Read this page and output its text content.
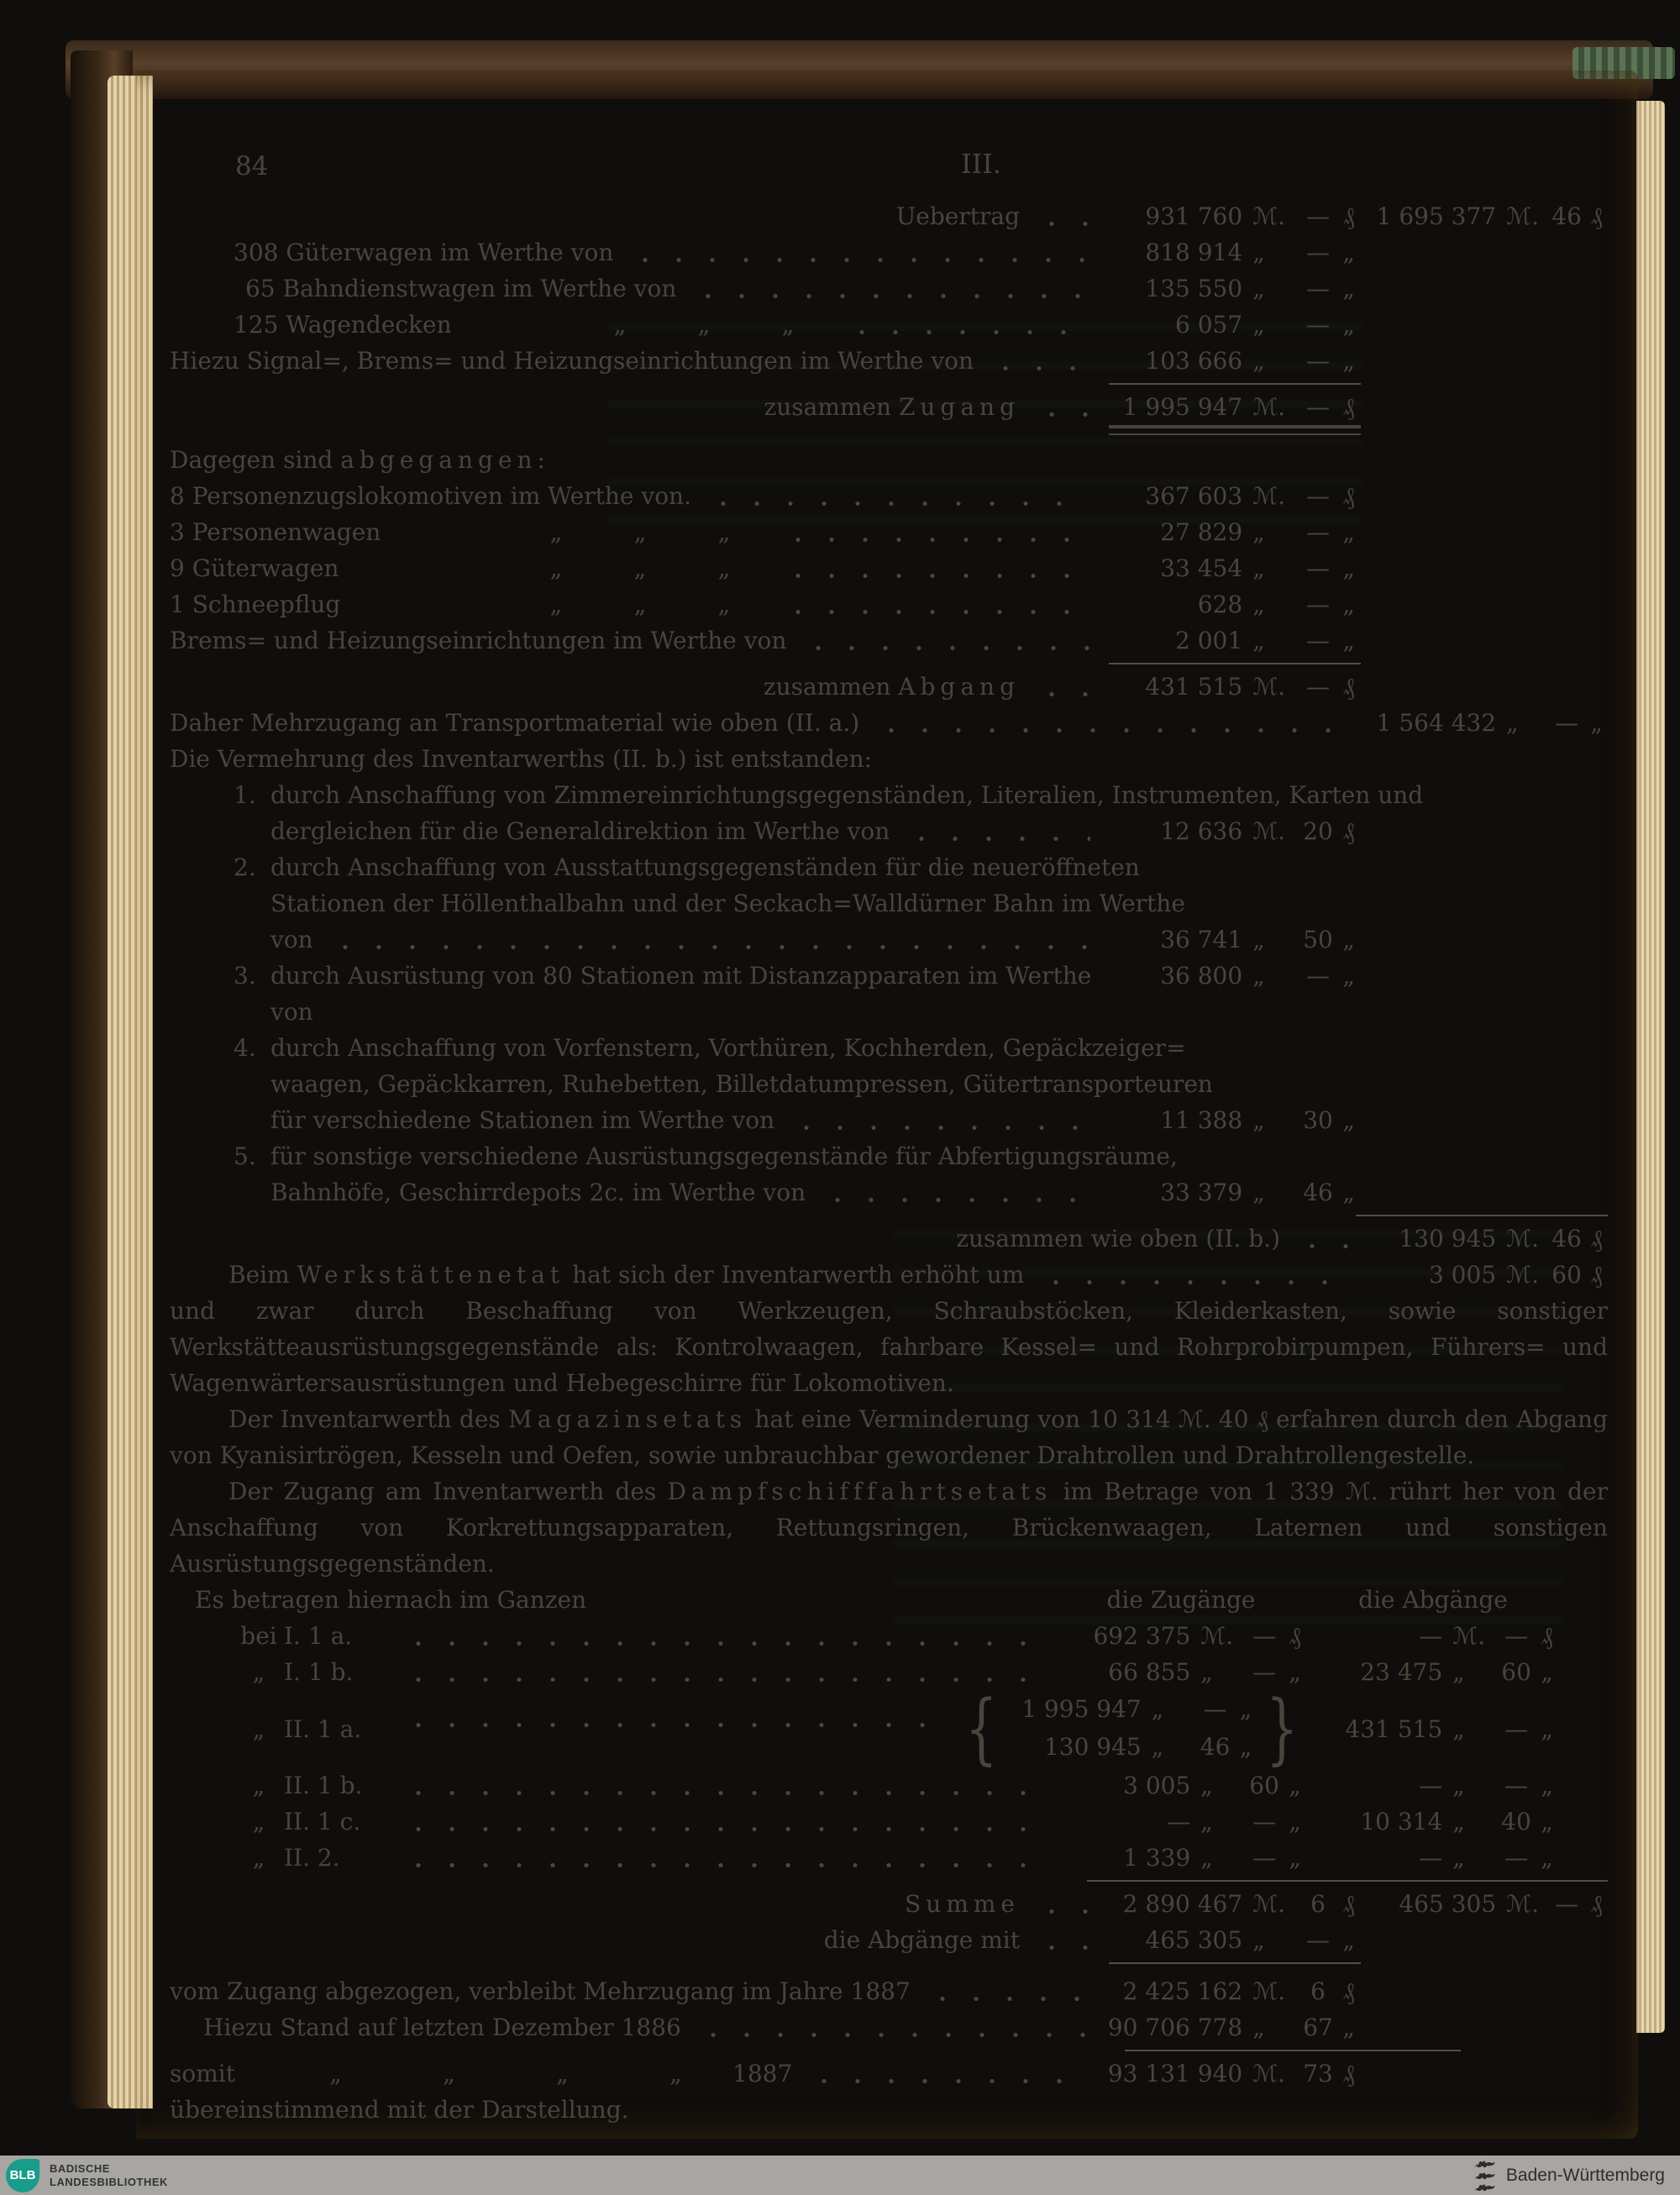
84	III.
Uebertrag	931 760 ℳ. — ₰ 1 695 377 ℳ. 46 ₰
308 Güterwagen im Werthe von	818 914 „	— „
65 Bahndienstwagen im Werthe von	135 550 „	— „
125 Wagendecken	„	„	„	6 057 „	— „
Hiezu Signal=, Brems= und Heizungseinrichtungen im Werthe von	103 666 „	— „
zusammen
Zugang	1 995 947 ℳ. — ₰
Dagegen sind
abgegangen:
8 Personenzugslokomotiven im Werthe von.	367 603 ℳ. — ₰
3 Personenwagen	„	„	„	27 829 „	— „
9 Güterwagen	„	„	„	33 454 „	— „
1 Schneepflug	„	„	„	628 „	— „
Brems= und Heizungseinrichtungen im Werthe von	2 001 „	— „
zusammen
Abgang	431 515 ℳ. — ₰
Daher Mehrzugang an Transportmaterial wie oben (II. a.)	1 564 432 „	— „
Die Vermehrung des Inventarwerths (II. b.) ist entstanden:
1. durch Anschaffung von Zimmereinrichtungsgegenständen, Literalien, Instrumenten, Karten und
dergleichen für die Generaldirektion im Werthe von	12 636 ℳ. 20 ₰
2. durch Anschaffung von Ausstattungsgegenständen für die neueröffneten
Stationen der Höllenthalbahn und der Seckach=Walldürner Bahn im Werthe
von	36 741 „	50 „
3. durch Ausrüstung von 80 Stationen mit Distanzapparaten im Werthe von
36 800 „	— „
4. durch Anschaffung von Vorfenstern, Vorthüren, Kochherden, Gepäckzeiger=
waagen, Gepäckkarren, Ruhebetten, Billetdatumpressen, Gütertransporteuren
für verschiedene Stationen im Werthe von	11 388 „	30 „
5. für sonstige verschiedene Ausrüstungsgegenstände für Abfertigungsräume,
Bahnhöfe, Geschirrdepots 2c. im Werthe von	33 379 „	46 „
zusammen wie oben (II. b.)	130 945 ℳ. 46 ₰
Beim
Werkstättenetat
hat sich der Inventarwerth erhöht um	3 005 ℳ. 60 ₰

und zwar durch Beschaffung von Werkzeugen, Schraubstöcken, Kleiderkasten, sowie sonstiger Werkstätteausrüstungsgegenstände als: Kontrolwaagen, fahrbare Kessel= und Rohrprobirpumpen, Führers= und Wagenwärtersausrüstungen und Hebegeschirre für Lokomotiven.

Der Inventarwerth des Magazinsetats hat eine Verminderung von 10 314 ℳ. 40 ₰ erfahren durch den Abgang von Kyanisirtrögen, Kesseln und Oefen, sowie unbrauchbar gewordener Drahtrollen und Drahtrollengestelle.

Der Zugang am Inventarwerth des Dampfschifffahrtsetats im Betrage von 1 339 ℳ. rührt her von der Anschaffung von Korkrettungsapparaten, Rettungsringen, Brückenwaagen, Laternen und sonstigen Ausrüstungsgegenständen.

Es betragen hiernach im Ganzen	die Zugänge	die Abgänge
bei I. 1 a.	692 375 ℳ. — ₰	— ℳ. — ₰
„ I. 1 b.	66 855 „	— „	23 475 „	60 „
„ II. 1 a.	{	1 995 947 „	— „
130 945 „	46 „ }	431 515 „	— „
„ II. 1 b.	3 005 „	60 „	— „	— „
„ II. 1 c.	— „	— „	10 314 „	40 „
„ II. 2.	1 339 „	— „	— „	— „
Summe	2 890 467 ℳ.	6 ₰	465 305 ℳ. — ₰
die Abgänge mit	465 305 „	— „
vom Zugang abgezogen, verbleibt Mehrzugang im Jahre 1887	2 425 162 ℳ.	6 ₰
Hiezu Stand auf letzten Dezember 1886	90 706 778 „	67 „
somit	„	„	„	„	1887	93 131 940 ℳ. 73 ₰
übereinstimmend mit der Darstellung.
BLB BADISCHE
LANDESBIBLIOTHEK	Baden-Württemberg
